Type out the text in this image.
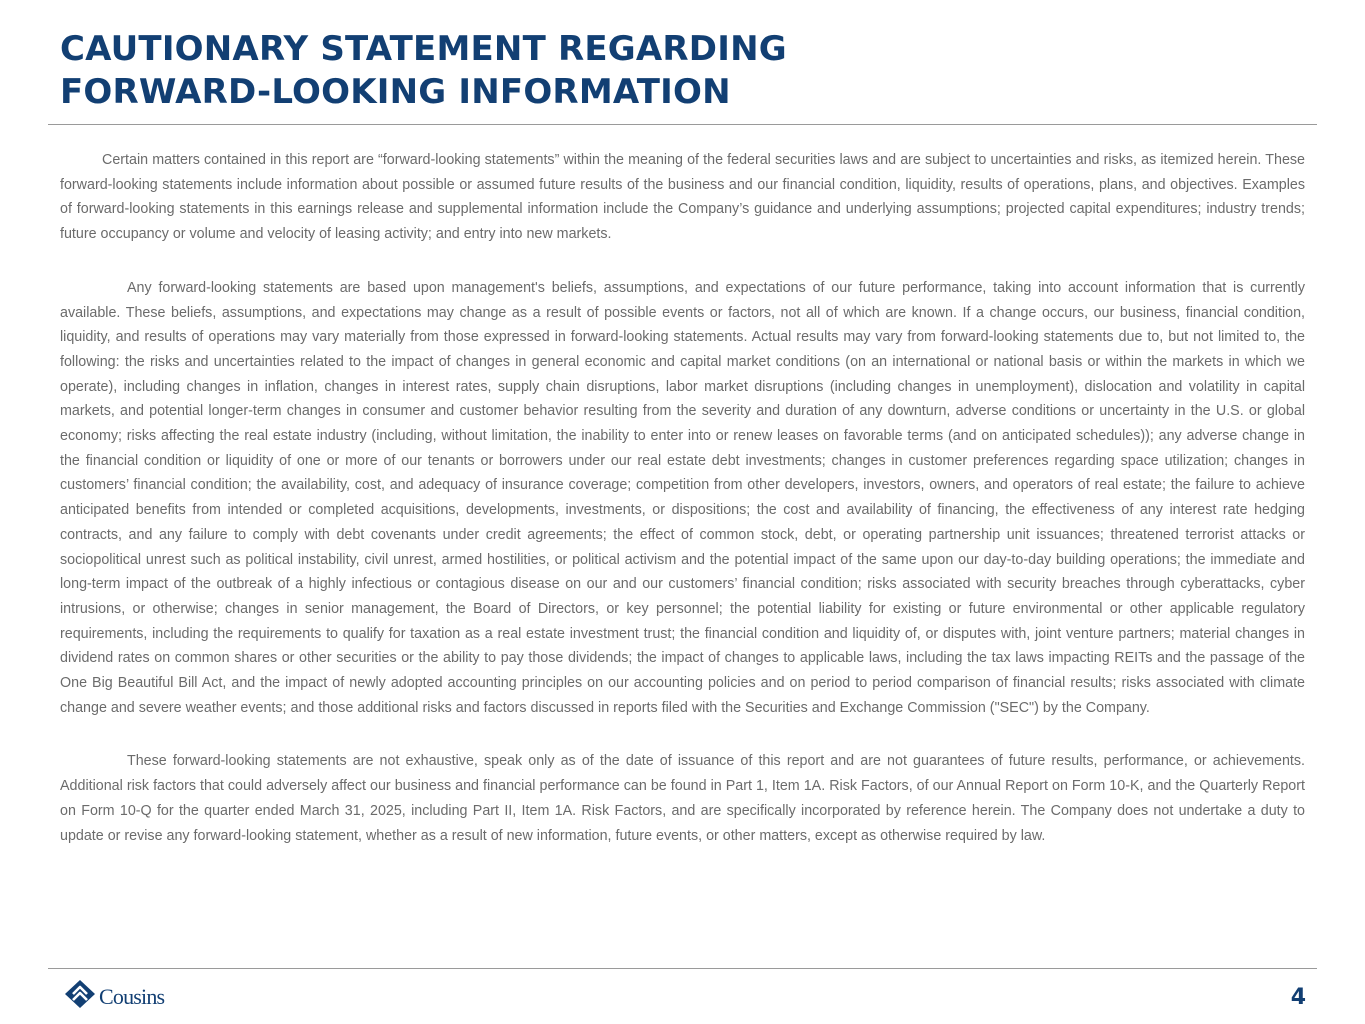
CAUTIONARY STATEMENT REGARDING
FORWARD-LOOKING INFORMATION

Certain matters contained in this report are “forward-looking statements” within the meaning of the federal securities laws and are subject to uncertainties and risks, as itemized herein. These forward-looking statements include information about possible or assumed future results of the business and our financial condition, liquidity, results of operations, plans, and objectives. Examples of forward-looking statements in this earnings release and supplemental information include the Company’s guidance and underlying assumptions; projected capital expenditures; industry trends; future occupancy or volume and velocity of leasing activity; and entry into new markets.

Any forward-looking statements are based upon management's beliefs, assumptions, and expectations of our future performance, taking into account information that is currently available. These beliefs, assumptions, and expectations may change as a result of possible events or factors, not all of which are known. If a change occurs, our business, financial condition, liquidity, and results of operations may vary materially from those expressed in forward-looking statements. Actual results may vary from forward-looking statements due to, but not limited to, the following: the risks and uncertainties related to the impact of changes in general economic and capital market conditions (on an international or national basis or within the markets in which we operate), including changes in inflation, changes in interest rates, supply chain disruptions, labor market disruptions (including changes in unemployment), dislocation and volatility in capital markets, and potential longer-term changes in consumer and customer behavior resulting from the severity and duration of any downturn, adverse conditions or uncertainty in the U.S. or global economy; risks affecting the real estate industry (including, without limitation, the inability to enter into or renew leases on favorable terms (and on anticipated schedules)); any adverse change in the financial condition or liquidity of one or more of our tenants or borrowers under our real estate debt investments; changes in customer preferences regarding space utilization; changes in customers’ financial condition; the availability, cost, and adequacy of insurance coverage; competition from other developers, investors, owners, and operators of real estate; the failure to achieve anticipated benefits from intended or completed acquisitions, developments, investments, or dispositions; the cost and availability of financing, the effectiveness of any interest rate hedging contracts, and any failure to comply with debt covenants under credit agreements; the effect of common stock, debt, or operating partnership unit issuances; threatened terrorist attacks or sociopolitical unrest such as political instability, civil unrest, armed hostilities, or political activism and the potential impact of the same upon our day-to-day building operations; the immediate and long-term impact of the outbreak of a highly infectious or contagious disease on our and our customers’ financial condition; risks associated with security breaches through cyberattacks, cyber intrusions, or otherwise; changes in senior management, the Board of Directors, or key personnel; the potential liability for existing or future environmental or other applicable regulatory requirements, including the requirements to qualify for taxation as a real estate investment trust; the financial condition and liquidity of, or disputes with, joint venture partners; material changes in dividend rates on common shares or other securities or the ability to pay those dividends; the impact of changes to applicable laws, including the tax laws impacting REITs and the passage of the One Big Beautiful Bill Act, and the impact of newly adopted accounting principles on our accounting policies and on period to period comparison of financial results; risks associated with climate change and severe weather events; and those additional risks and factors discussed in reports filed with the Securities and Exchange Commission ("SEC") by the Company.

These forward-looking statements are not exhaustive, speak only as of the date of issuance of this report and are not guarantees of future results, performance, or achievements. Additional risk factors that could adversely affect our business and financial performance can be found in Part 1, Item 1A. Risk Factors, of our Annual Report on Form 10-K, and the Quarterly Report on Form 10-Q for the quarter ended March 31, 2025, including Part II, Item 1A. Risk Factors, and are specifically incorporated by reference herein. The Company does not undertake a duty to update or revise any forward-looking statement, whether as a result of new information, future events, or other matters, except as otherwise required by law.

Cousins	4
